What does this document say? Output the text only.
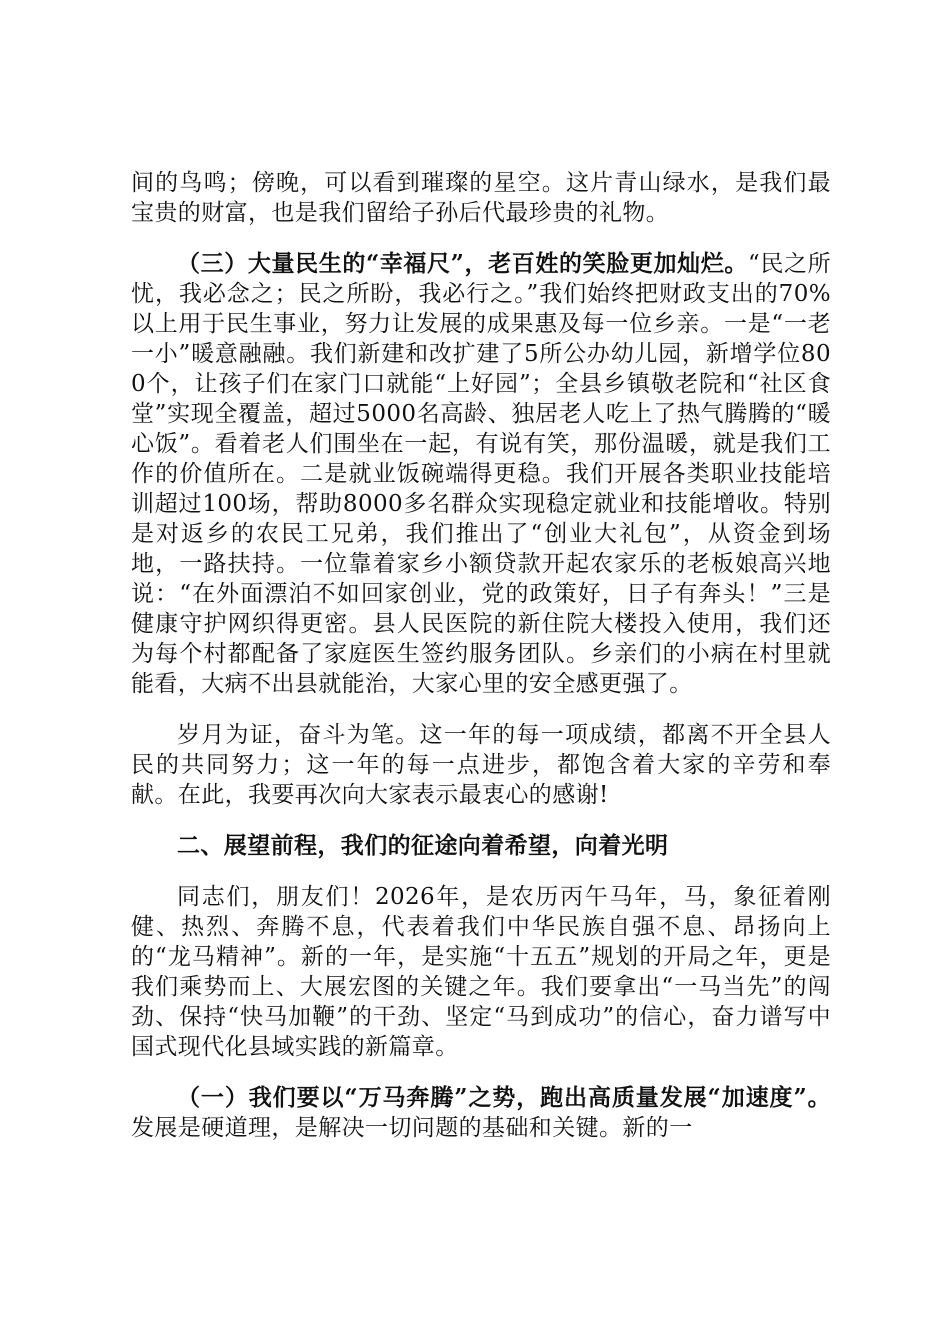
间的鸟鸣；傍晚，可以看到璀璨的星空。这片青山绿水，是我们最宝贵的财富，也是我们留给子孙后代最珍贵的礼物。

（三）大量民生的“幸福尺”，老百姓的笑脸更加灿烂。“民之所忧，我必念之；民之所盼，我必行之。”我们始终把财政支出的70%以上用于民生事业，努力让发展的成果惠及每一位乡亲。一是“一老一小”暖意融融。我们新建和改扩建了5所公办幼儿园，新增学位800个，让孩子们在家门口就能“上好园”；全县乡镇敬老院和“社区食堂”实现全覆盖，超过5000名高龄、独居老人吃上了热气腾腾的“暖心饭”。看着老人们围坐在一起，有说有笑，那份温暖，就是我们工作的价值所在。二是就业饭碗端得更稳。我们开展各类职业技能培训超过100场，帮助8000多名群众实现稳定就业和技能增收。特别是对返乡的农民工兄弟，我们推出了“创业大礼包”，从资金到场地，一路扶持。一位靠着家乡小额贷款开起农家乐的老板娘高兴地说：“在外面漂泊不如回家创业，党的政策好，日子有奔头！”三是健康守护网织得更密。县人民医院的新住院大楼投入使用，我们还为每个村都配备了家庭医生签约服务团队。乡亲们的小病在村里就能看，大病不出县就能治，大家心里的安全感更强了。

岁月为证，奋斗为笔。这一年的每一项成绩，都离不开全县人民的共同努力；这一年的每一点进步，都饱含着大家的辛劳和奉献。在此，我要再次向大家表示最衷心的感谢!

二、展望前程，我们的征途向着希望，向着光明

同志们，朋友们！2026年，是农历丙午马年，马，象征着刚健、热烈、奔腾不息，代表着我们中华民族自强不息、昂扬向上的“龙马精神”。新的一年，是实施“十五五”规划的开局之年，更是我们乘势而上、大展宏图的关键之年。我们要拿出“一马当先”的闯劲、保持“快马加鞭”的干劲、坚定“马到成功”的信心，奋力谱写中国式现代化县域实践的新篇章。

（一）我们要以“万马奔腾”之势，跑出高质量发展“加速度”。发展是硬道理，是解决一切问题的基础和关键。新的一
